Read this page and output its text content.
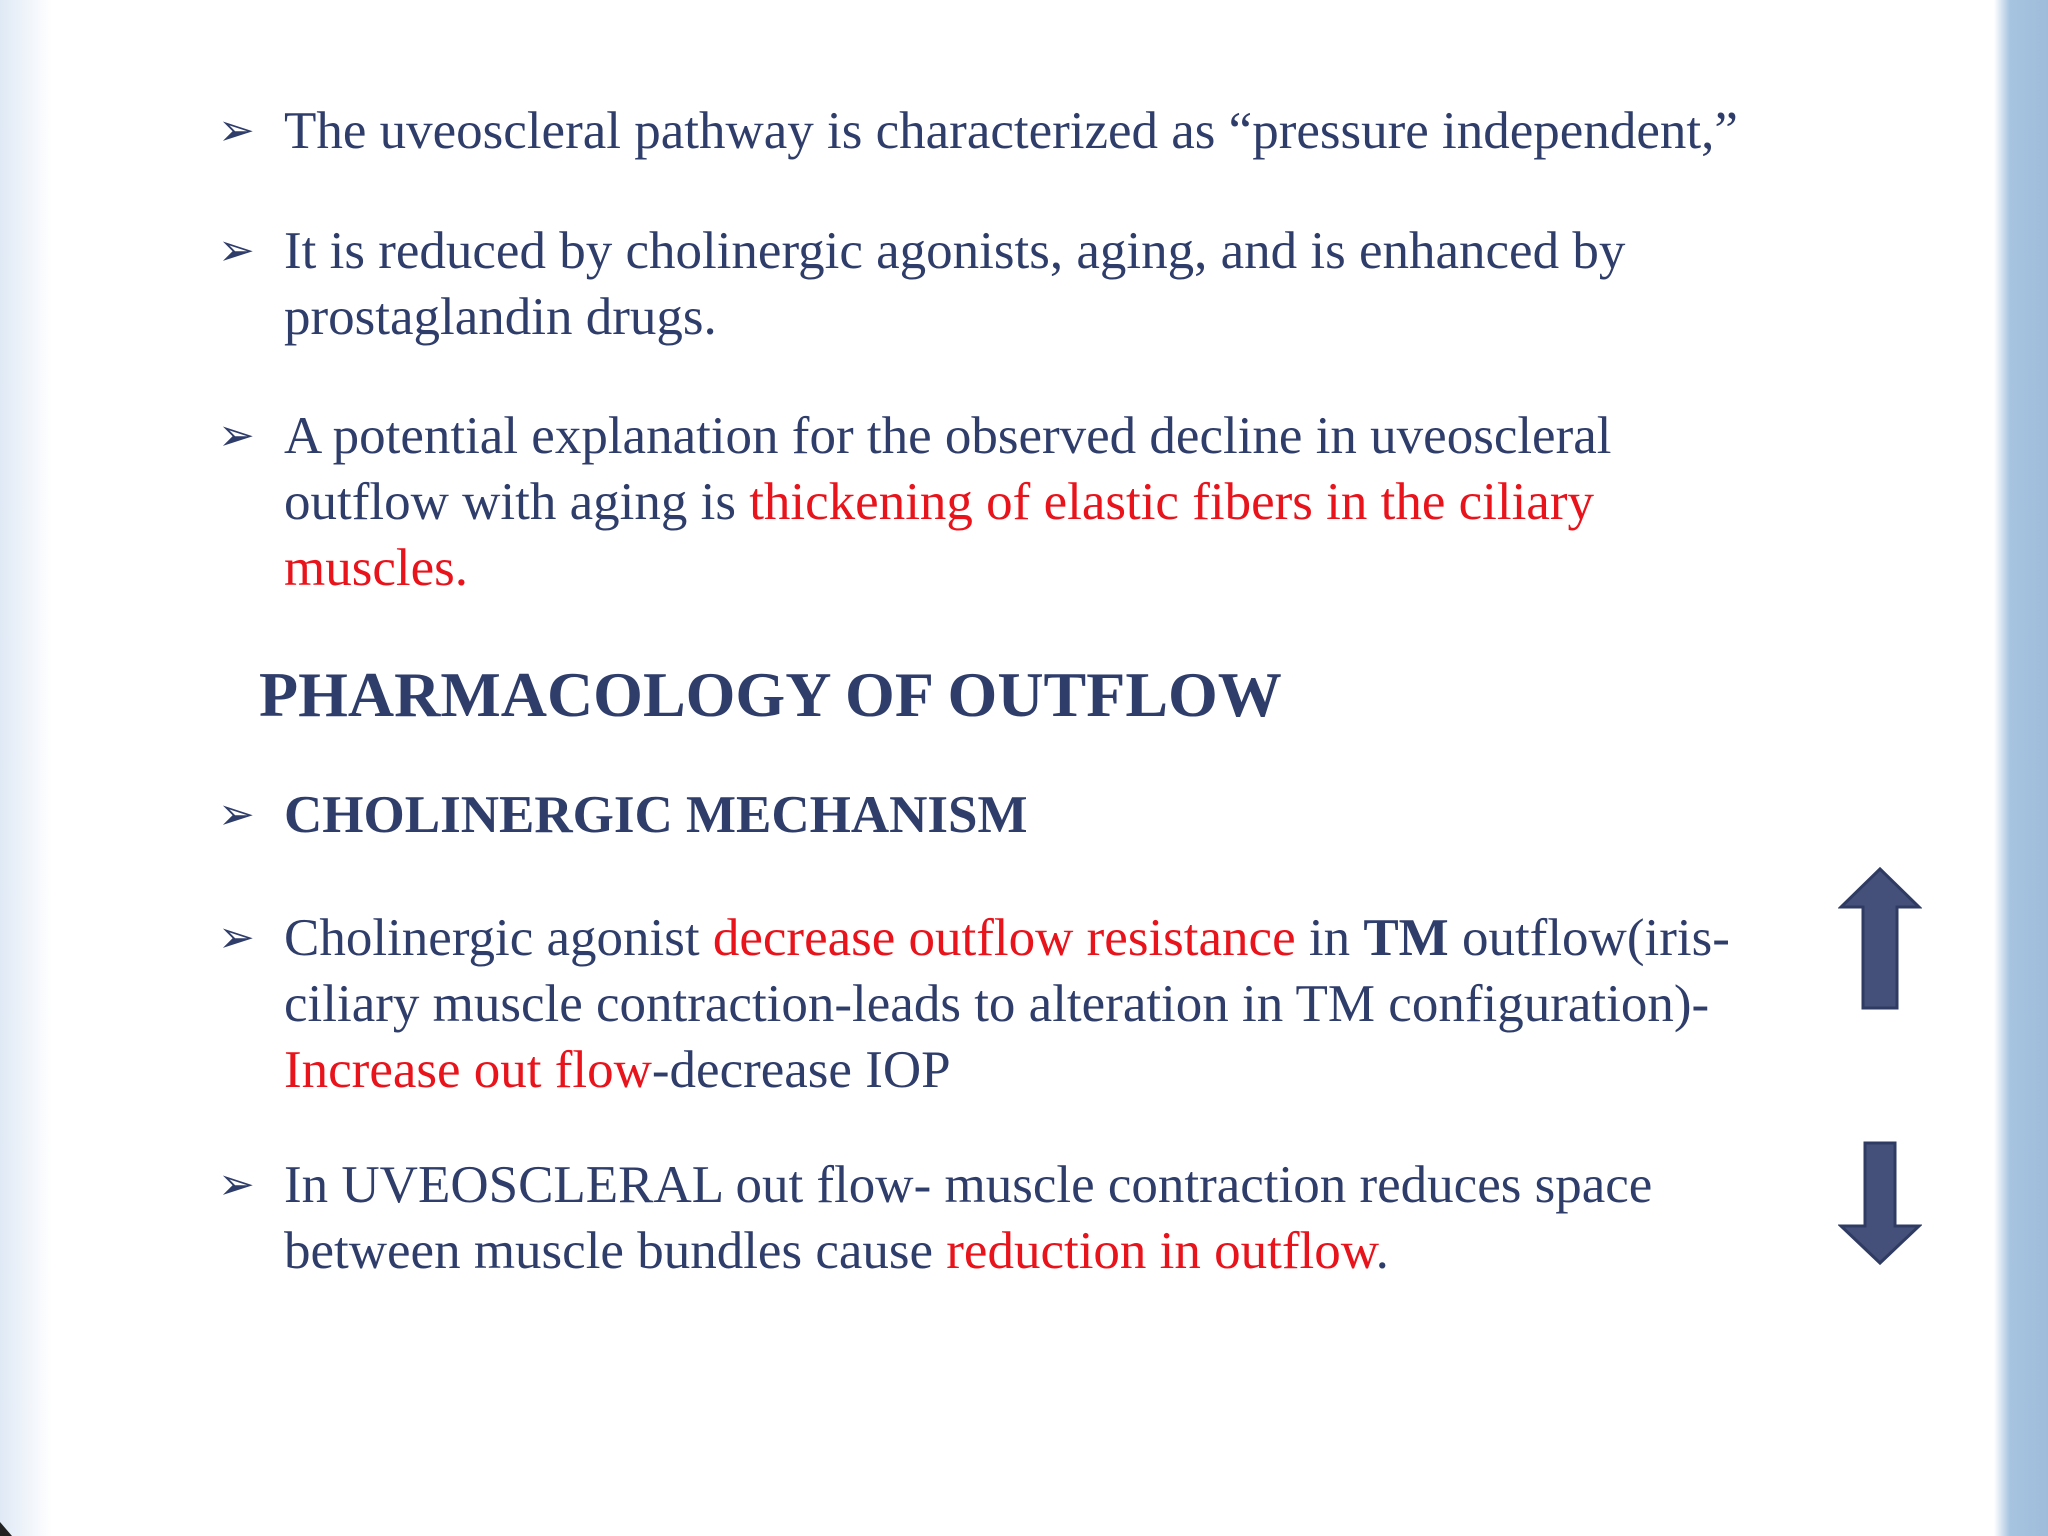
➢ The uveoscleral pathway is characterized as “pressure independent,”
➢ It is reduced by cholinergic agonists, aging, and is enhanced by
prostaglandin drugs.
➢ A potential explanation for the observed decline in uveoscleral
outflow with aging is thickening of elastic fibers in the ciliary
muscles.
PHARMACOLOGY OF OUTFLOW
➢ CHOLINERGIC MECHANISM
➢ Cholinergic agonist decrease outflow resistance in TM outflow(iris-
ciliary muscle contraction-leads to alteration in TM configuration)-
Increase out flow-decrease IOP
➢ In UVEOSCLERAL out flow- muscle contraction reduces space
between muscle bundles cause reduction in outflow.
